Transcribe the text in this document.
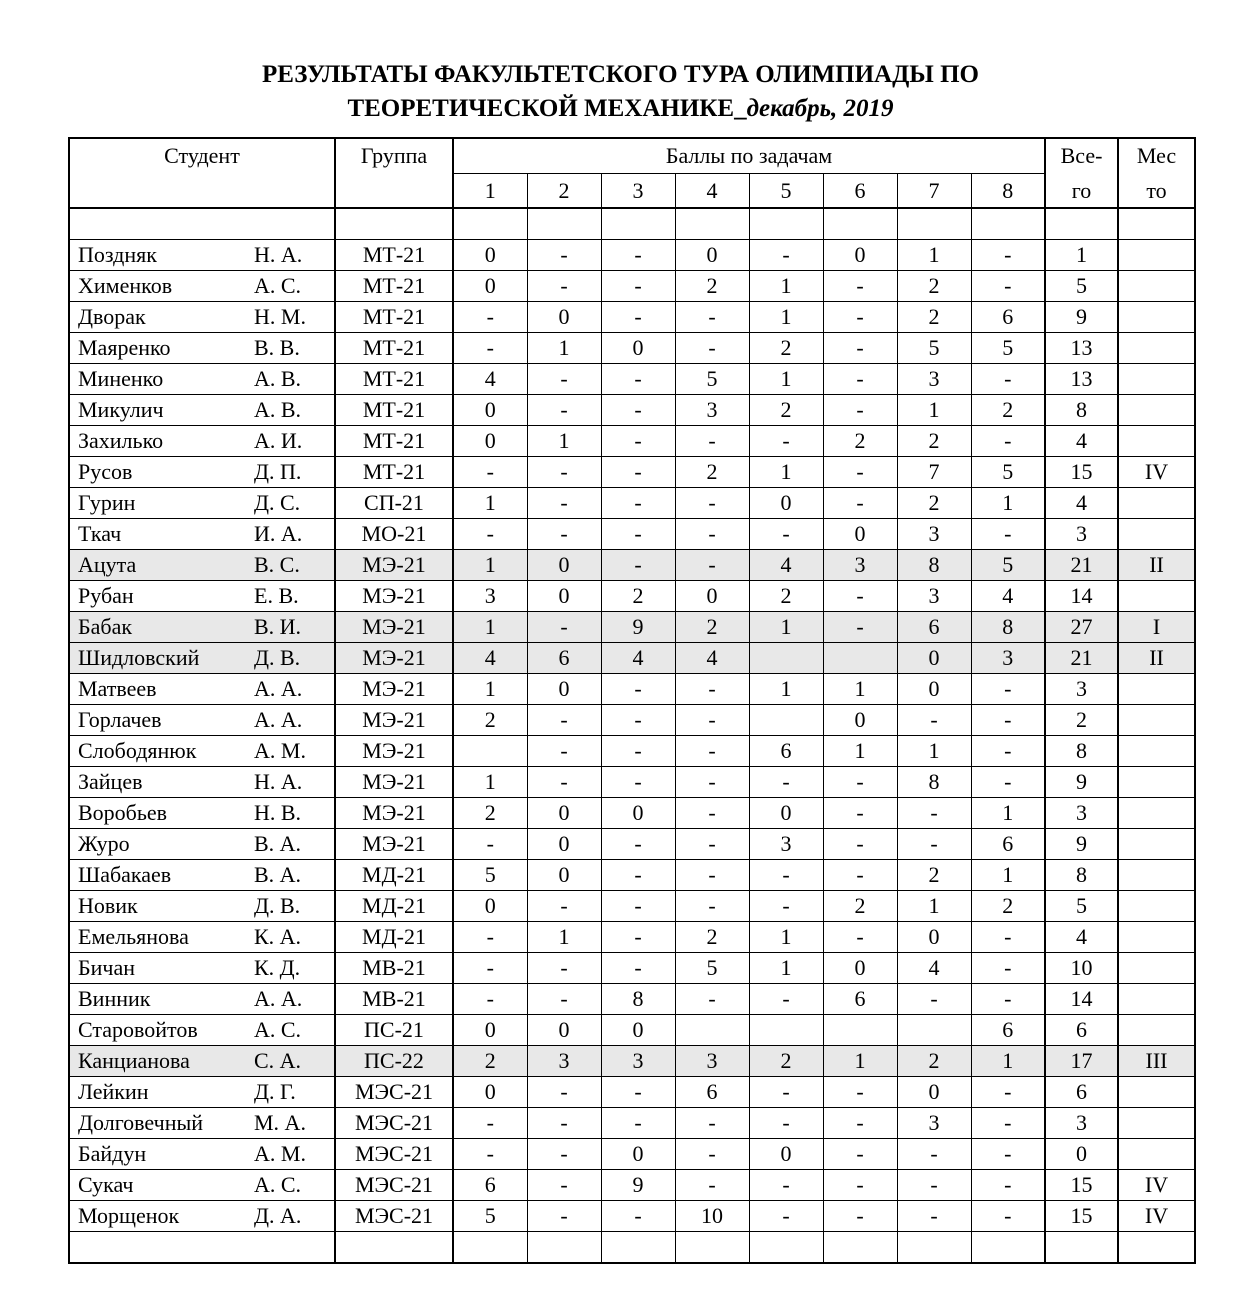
РЕЗУЛЬТАТЫ ФАКУЛЬТЕТСКОГО ТУРА ОЛИМПИАДЫ ПО
ТЕОРЕТИЧЕСКОЙ МЕХАНИКЕ_декабрь, 2019
Студент	Группа	Баллы по задачам								Все-	Мес
		1	2	3	4	5	6	7	8	го	то

Поздняк Н. А.	МТ-21	0	-	-	0	-	0	1	-	1	
Хименков А. С.	МТ-21	0	-	-	2	1	-	2	-	5	
Дворак Н. М.	МТ-21	-	0	-	-	1	-	2	6	9	
Маяренко В. В.	МТ-21	-	1	0	-	2	-	5	5	13	
Миненко А. В.	МТ-21	4	-	-	5	1	-	3	-	13	
Микулич А. В.	МТ-21	0	-	-	3	2	-	1	2	8	
Захилько А. И.	МТ-21	0	1	-	-	-	2	2	-	4	
Русов Д. П.	МТ-21	-	-	-	2	1	-	7	5	15	IV
Гурин Д. С.	СП-21	1	-	-	-	0	-	2	1	4	
Ткач И. А.	МО-21	-	-	-	-	-	0	3	-	3	
Ацута В. С.	МЭ-21	1	0	-	-	4	3	8	5	21	II
Рубан Е. В.	МЭ-21	3	0	2	0	2	-	3	4	14	
Бабак В. И.	МЭ-21	1	-	9	2	1	-	6	8	27	I
Шидловский Д. В.	МЭ-21	4	6	4	4			0	3	21	II
Матвеев А. А.	МЭ-21	1	0	-	-	1	1	0	-	3	
Горлачев А. А.	МЭ-21	2	-	-	-		0	-	-	2	
Слободянюк А. М.	МЭ-21		-	-	-	6	1	1	-	8	
Зайцев Н. А.	МЭ-21	1	-	-	-	-	-	8	-	9	
Воробьев Н. В.	МЭ-21	2	0	0	-	0	-	-	1	3	
Журо В. А.	МЭ-21	-	0	-	-	3	-	-	6	9	
Шабакаев В. А.	МД-21	5	0	-	-	-	-	2	1	8	
Новик Д. В.	МД-21	0	-	-	-	-	2	1	2	5	
Емельянова К. А.	МД-21	-	1	-	2	1	-	0	-	4	
Бичан К. Д.	МВ-21	-	-	-	5	1	0	4	-	10	
Винник А. А.	МВ-21	-	-	8	-	-	6	-	-	14	
Старовойтов А. С.	ПС-21	0	0	0					6	6	
Канцианова С. А.	ПС-22	2	3	3	3	2	1	2	1	17	III
Лейкин Д. Г.	МЭС-21	0	-	-	6	-	-	0	-	6	
Долговечный М. А.	МЭС-21	-	-	-	-	-	-	3	-	3	
Байдун А. М.	МЭС-21	-	-	0	-	0	-	-	-	0	
Сукач А. С.	МЭС-21	6	-	9	-	-	-	-	-	15	IV
Морщенок Д. А.	МЭС-21	5	-	-	10	-	-	-	-	15	IV
